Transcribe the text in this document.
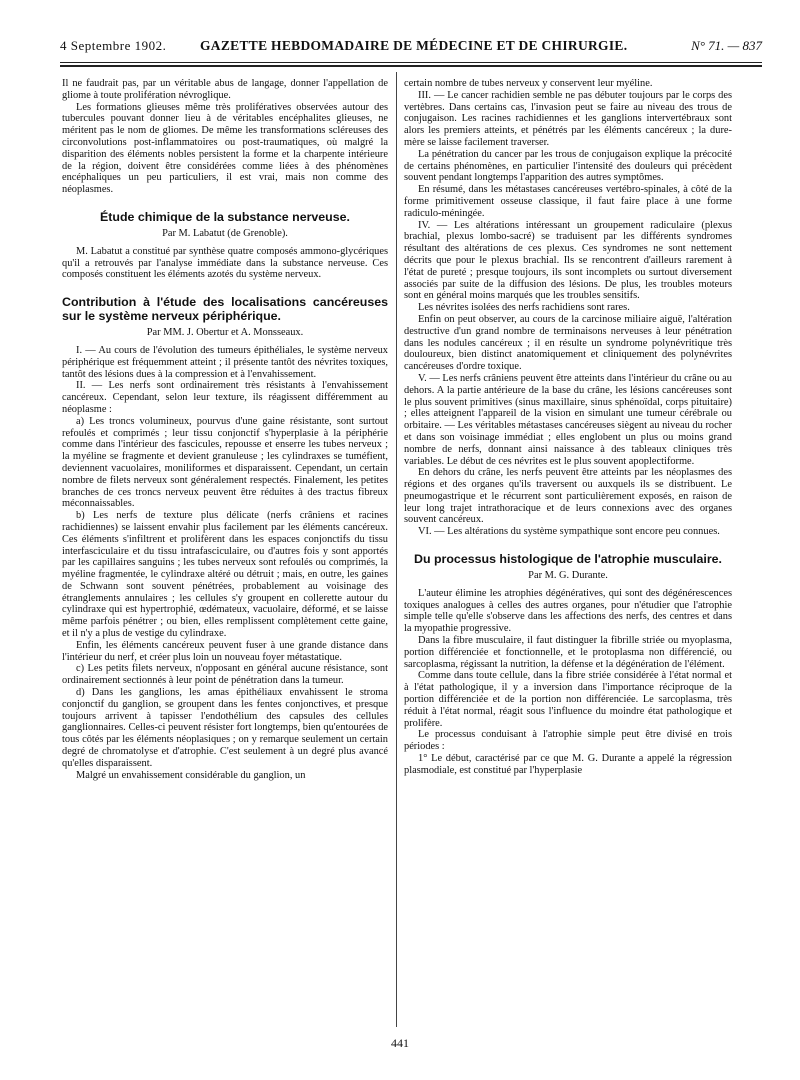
4 Septembre 1902. GAZETTE HEBDOMADAIRE DE MÉDECINE ET DE CHIRURGIE.	N° 71. — 837

Il ne faudrait pas, par un véritable abus de langage, donner l'appellation de gliome à toute prolifération névroglique.

Les formations glieuses même très prolifératives observées autour des tubercules pouvant donner lieu à de véritables encéphalites glieuses, ne méritent pas le nom de gliomes. De même les transformations scléreuses des circonvolutions post-inflammatoires ou post-traumatiques, où malgré la disparition des éléments nobles persistent la forme et la charpente intérieure de la région, doivent être considérées comme liées à des phénomènes encéphaliques un peu particuliers, il est vrai, mais non comme des néoplasmes.

Étude chimique de la substance nerveuse.
Par M. Labatut (de Grenoble).

M. Labatut a constitué par synthèse quatre composés ammono-glycériques qu'il a retrouvés par l'analyse immédiate dans la substance nerveuse. Ces composés constituent les éléments azotés du système nerveux.

Contribution à l'étude des localisations cancéreuses sur le système nerveux périphérique.
Par MM. J. Obertur et A. Monsseaux.

I. — Au cours de l'évolution des tumeurs épithéliales, le système nerveux périphérique est fréquemment atteint ; il présente tantôt des névrites toxiques, tantôt des lésions dues à la compression et à l'envahissement.

II. — Les nerfs sont ordinairement très résistants à l'envahissement cancéreux. Cependant, selon leur texture, ils réagissent différemment au néoplasme :

a) Les troncs volumineux, pourvus d'une gaine résistante, sont surtout refoulés et comprimés ; leur tissu conjonctif s'hyperplasie à la périphérie comme dans l'intérieur des fascicules, repousse et enserre les tubes nerveux ; la myéline se fragmente et devient granuleuse ; les cylindraxes se tuméfient, deviennent vacuolaires, moniliformes et disparaissent. Cependant, un certain nombre de filets nerveux sont généralement respectés. Finalement, les petites branches de ces troncs nerveux peuvent être réduites à des tractus fibreux méconnaissables.

b) Les nerfs de texture plus délicate (nerfs crâniens et racines rachidiennes) se laissent envahir plus facilement par les éléments cancéreux. Ces éléments s'infiltrent et prolifèrent dans les espaces conjonctifs du tissu interfasciculaire et du tissu intrafasciculaire, ou d'autres fois y sont apportés par les capillaires sanguins ; les tubes nerveux sont refoulés ou comprimés, la myéline fragmentée, le cylindraxe altéré ou détruit ; mais, en outre, les gaines de Schwann sont souvent pénétrées, probablement au voisinage des étranglements annulaires ; les cellules s'y groupent en collerette autour du cylindraxe qui est hypertrophié, œdémateux, vacuolaire, déformé, et se laisse même parfois pénétrer ; ou bien, elles remplissent complètement cette gaine, et il n'y a plus de vestige du cylindraxe.

Enfin, les éléments cancéreux peuvent fuser à une grande distance dans l'intérieur du nerf, et créer plus loin un nouveau foyer métastatique.

c) Les petits filets nerveux, n'opposant en général aucune résistance, sont ordinairement sectionnés à leur point de pénétration dans la tumeur.

d) Dans les ganglions, les amas épithéliaux envahissent le stroma conjonctif du ganglion, se groupent dans les fentes conjonctives, et presque toujours arrivent à tapisser l'endothélium des capsules des cellules ganglionnaires. Celles-ci peuvent résister fort longtemps, bien qu'entourées de tous côtés par les éléments néoplasiques ; on y remarque seulement un certain degré de chromatolyse et d'atrophie. C'est seulement à un degré plus avancé qu'elles disparaissent.

Malgré un envahissement considérable du ganglion, un

certain nombre de tubes nerveux y conservent leur myéline.

III. — Le cancer rachidien semble ne pas débuter toujours par le corps des vertèbres. Dans certains cas, l'invasion peut se faire au niveau des trous de conjugaison. Les racines rachidiennes et les ganglions intervertébraux sont alors les premiers atteints, et pénétrés par les éléments cancéreux ; la dure-mère se laisse facilement traverser.

La pénétration du cancer par les trous de conjugaison explique la précocité de certains phénomènes, en particulier l'intensité des douleurs qui précèdent souvent pendant longtemps l'apparition des autres symptômes.

En résumé, dans les métastases cancéreuses vertébro-spinales, à côté de la forme primitivement osseuse classique, il faut faire place à une forme radiculo-méningée.

IV. — Les altérations intéressant un groupement radiculaire (plexus brachial, plexus lombo-sacré) se traduisent par les différents syndromes résultant des altérations de ces plexus. Ces syndromes ne sont nettement décrits que pour le plexus brachial. Ils se rencontrent d'ailleurs rarement à l'état de pureté ; presque toujours, ils sont incomplets ou surtout diversement associés par suite de la diffusion des lésions. De plus, les troubles moteurs sont en général moins marqués que les troubles sensitifs.

Les névrites isolées des nerfs rachidiens sont rares.

Enfin on peut observer, au cours de la carcinose miliaire aiguë, l'altération destructive d'un grand nombre de terminaisons nerveuses à leur pénétration dans les nodules cancéreux ; il en résulte un syndrome polynévritique très douloureux, bien distinct anatomiquement et cliniquement des polynévrites cancéreuses d'ordre toxique.

V. — Les nerfs crâniens peuvent être atteints dans l'intérieur du crâne ou au dehors. A la partie antérieure de la base du crâne, les lésions cancéreuses sont le plus souvent primitives (sinus maxillaire, sinus sphénoïdal, corps pituitaire) ; elles atteignent l'appareil de la vision en simulant une tumeur cérébrale ou orbitaire. — Les véritables métastases cancéreuses siègent au niveau du rocher et dans son voisinage immédiat ; elles englobent un plus ou moins grand nombre de nerfs, donnant ainsi naissance à des tableaux cliniques très variables. Le début de ces névrites est le plus souvent apoplectiforme.

En dehors du crâne, les nerfs peuvent être atteints par les néoplasmes des régions et des organes qu'ils traversent ou auxquels ils se distribuent. Le pneumogastrique et le récurrent sont particulièrement exposés, en raison de leur long trajet intrathoracique et de leurs connexions avec des organes souvent cancéreux.

VI. — Les altérations du système sympathique sont encore peu connues.

Du processus histologique de l'atrophie musculaire.
Par M. G. Durante.

L'auteur élimine les atrophies dégénératives, qui sont des dégénérescences toxiques analogues à celles des autres organes, pour n'étudier que l'atrophie simple telle qu'elle s'observe dans les affections des nerfs, des centres et dans la myopathie progressive.

Dans la fibre musculaire, il faut distinguer la fibrille striée ou myoplasma, portion différenciée et fonctionnelle, et le protoplasma non différencié, ou sarcoplasma, régissant la nutrition, la défense et la dégénération de l'élément.

Comme dans toute cellule, dans la fibre striée considérée à l'état normal et à l'état pathologique, il y a inversion dans l'importance réciproque de la portion différenciée et de la portion non différenciée. Le sarcoplasma, très réduit à l'état normal, réagit sous l'influence du moindre état pathologique et prolifère.

Le processus conduisant à l'atrophie simple peut être divisé en trois périodes :

1° Le début, caractérisé par ce que M. G. Durante a appelé la régression plasmodiale, est constitué par l'hyperplasie

441
